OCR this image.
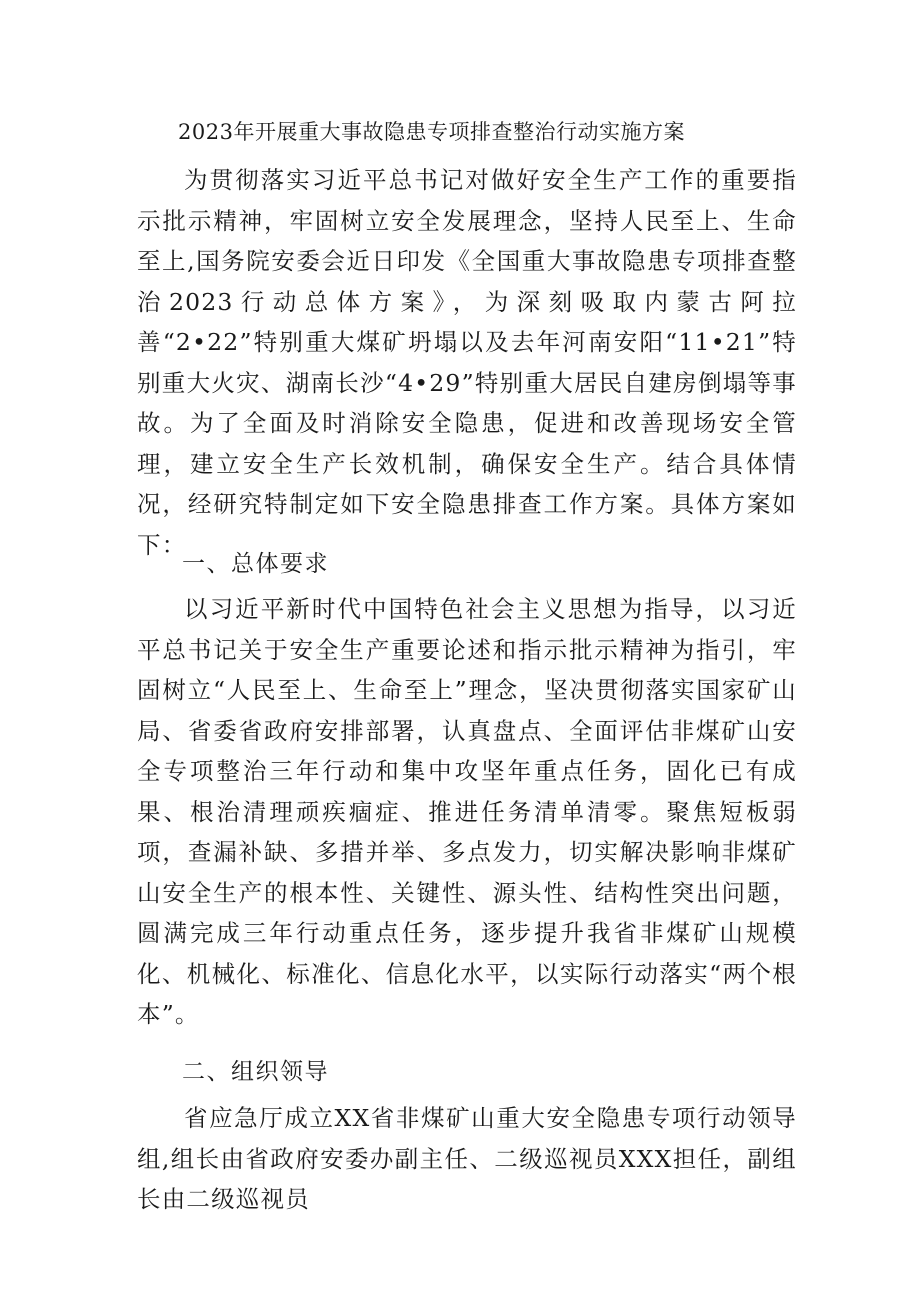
2023年开展重大事故隐患专项排查整治行动实施方案

为贯彻落实习近平总书记对做好安全生产工作的重要指示批示精神，牢固树立安全发展理念，坚持人民至上、生命至上,国务院安委会近日印发《全国重大事故隐患专项排查整治2023行动总体方案》，为深刻吸取内蒙古阿拉善“2•22”特别重大煤矿坍塌以及去年河南安阳“11•21”特别重大火灾、湖南长沙“4•29”特别重大居民自建房倒塌等事故。为了全面及时消除安全隐患，促进和改善现场安全管理，建立安全生产长效机制，确保安全生产。结合具体情况，经研究特制定如下安全隐患排查工作方案。具体方案如下：

一、总体要求

以习近平新时代中国特色社会主义思想为指导，以习近平总书记关于安全生产重要论述和指示批示精神为指引，牢固树立“人民至上、生命至上”理念，坚决贯彻落实国家矿山局、省委省政府安排部署，认真盘点、全面评估非煤矿山安全专项整治三年行动和集中攻坚年重点任务，固化已有成果、根治清理顽疾痼症、推进任务清单清零。聚焦短板弱项，查漏补缺、多措并举、多点发力，切实解决影响非煤矿山安全生产的根本性、关键性、源头性、结构性突出问题，圆满完成三年行动重点任务，逐步提升我省非煤矿山规模化、机械化、标准化、信息化水平，以实际行动落实“两个根本”。

二、组织领导

省应急厅成立XX省非煤矿山重大安全隐患专项行动领导组,组长由省政府安委办副主任、二级巡视员XXX担任，副组长由二级巡视员
